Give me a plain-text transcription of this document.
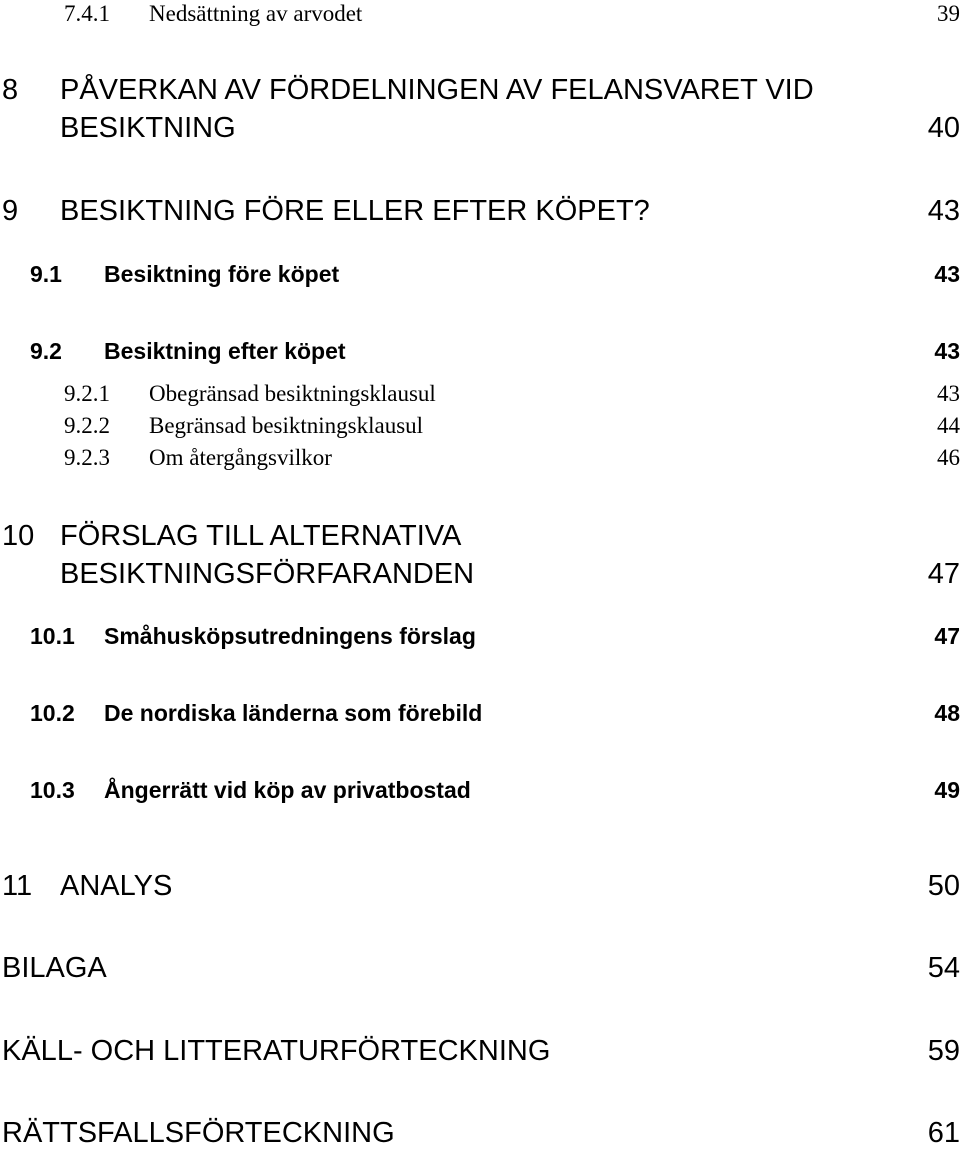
7.4.1 Nedsättning av arvodet	39
8 PÅVERKAN AV FÖRDELNINGEN AV FELANSVARET VID
BESIKTNING	40
9 BESIKTNING FÖRE ELLER EFTER KÖPET?	43
9.1 Besiktning före köpet	43
9.2 Besiktning efter köpet	43
9.2.1 Obegränsad besiktningsklausul	43
9.2.2 Begränsad besiktningsklausul	44
9.2.3 Om återgångsvilkor	46
10 FÖRSLAG TILL ALTERNATIVA
BESIKTNINGSFÖRFARANDEN	47
10.1 Småhusköpsutredningens förslag	47
10.2 De nordiska länderna som förebild	48
10.3 Ångerrätt vid köp av privatbostad	49
11 ANALYS	50
BILAGA	54
KÄLL- OCH LITTERATURFÖRTECKNING	59
RÄTTSFALLSFÖRTECKNING	61
